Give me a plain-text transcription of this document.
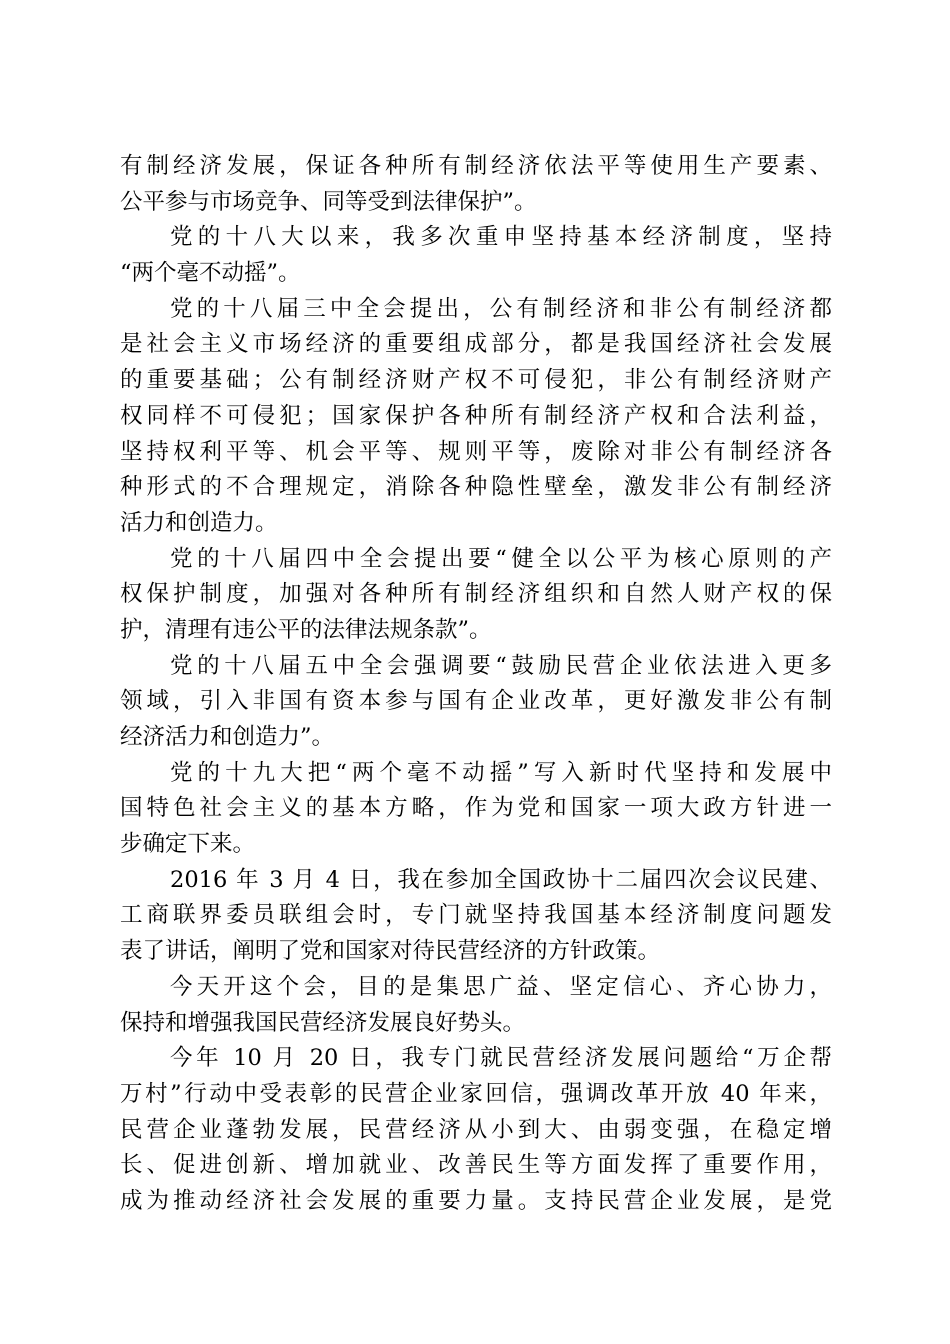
有制经济发展，保证各种所有制经济依法平等使用生产要素、
公平参与市场竞争、同等受到法律保护”。
党的十八大以来，我多次重申坚持基本经济制度，坚持
“两个毫不动摇”。
党的十八届三中全会提出，公有制经济和非公有制经济都
是社会主义市场经济的重要组成部分，都是我国经济社会发展
的重要基础；公有制经济财产权不可侵犯，非公有制经济财产
权同样不可侵犯；国家保护各种所有制经济产权和合法利益，
坚持权利平等、机会平等、规则平等，废除对非公有制经济各
种形式的不合理规定，消除各种隐性壁垒，激发非公有制经济
活力和创造力。
党的十八届四中全会提出要“健全以公平为核心原则的产
权保护制度，加强对各种所有制经济组织和自然人财产权的保
护，清理有违公平的法律法规条款”。
党的十八届五中全会强调要“鼓励民营企业依法进入更多
领域，引入非国有资本参与国有企业改革，更好激发非公有制
经济活力和创造力”。
党的十九大把“两个毫不动摇”写入新时代坚持和发展中
国特色社会主义的基本方略，作为党和国家一项大政方针进一
步确定下来。
2016 年 3 月 4 日，我在参加全国政协十二届四次会议民建、
工商联界委员联组会时，专门就坚持我国基本经济制度问题发
表了讲话，阐明了党和国家对待民营经济的方针政策。
今天开这个会，目的是集思广益、坚定信心、齐心协力，
保持和增强我国民营经济发展良好势头。
今年 10 月 20 日，我专门就民营经济发展问题给“万企帮
万村”行动中受表彰的民营企业家回信，强调改革开放 40 年来，
民营企业蓬勃发展，民营经济从小到大、由弱变强，在稳定增
长、促进创新、增加就业、改善民生等方面发挥了重要作用，
成为推动经济社会发展的重要力量。支持民营企业发展，是党
